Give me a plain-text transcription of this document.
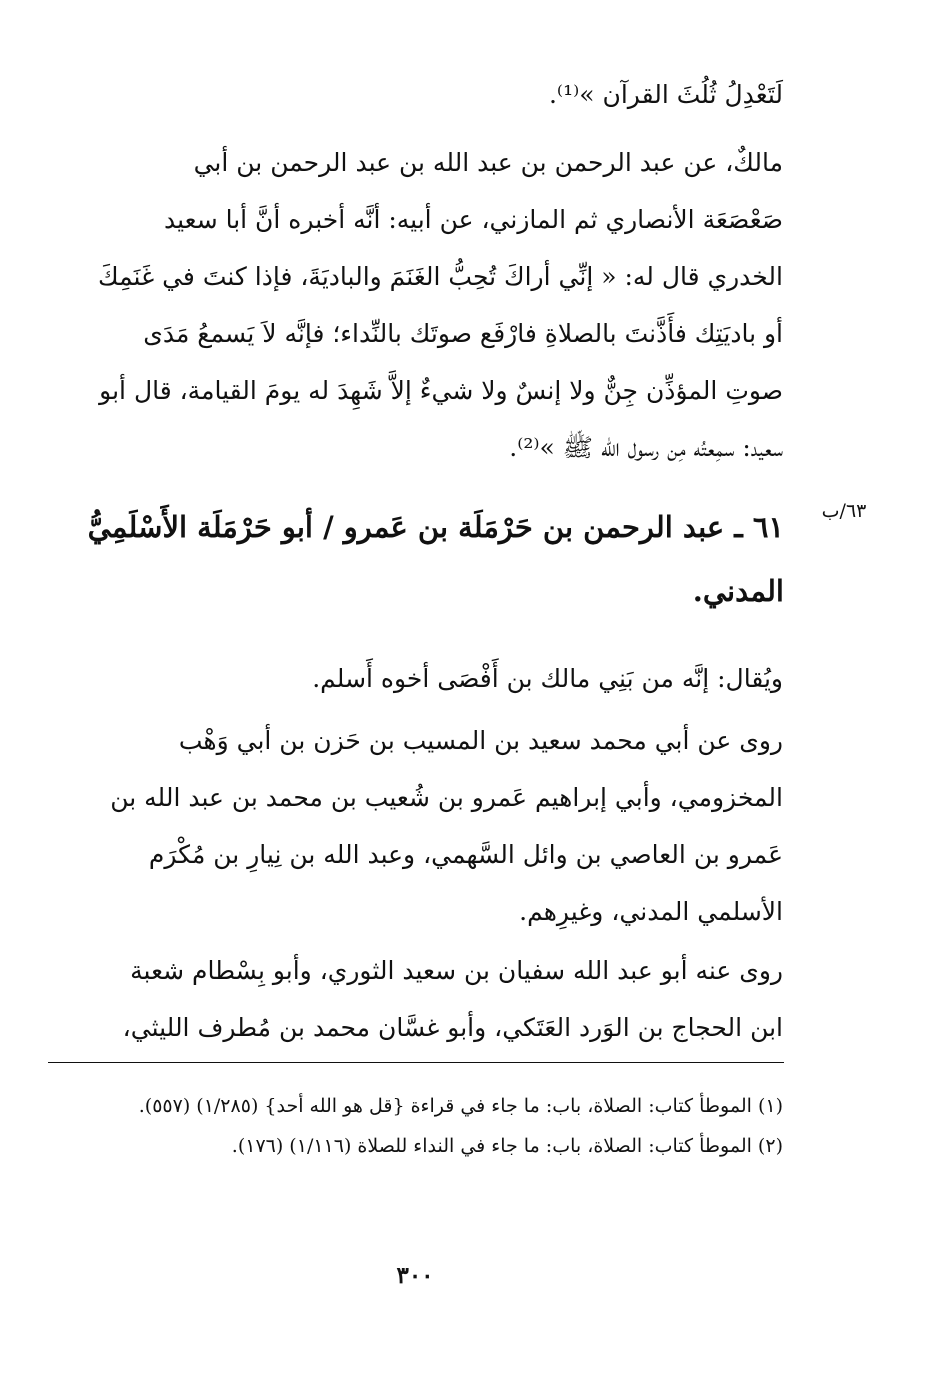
لَتَعْدِلُ ثُلُثَ القرآن »⁽¹⁾.
مالكٌ، عن عبد الرحمن بن عبد الله بن عبد الرحمن بن أبي
صَعْصَعَة الأنصاري ثم المازني، عن أبيه: أنَّه أخبره أنَّ أبا سعيد
الخدري قال له: « إنِّي أراكَ تُحِبُّ الغَنَمَ والباديَةَ، فإذا كنتَ في غَنَمِكَ
أو باديَتِك فأَذَّنتَ بالصلاةِ فارْفَع صوتَك بالنِّداء؛ فإنَّه لاَ يَسمعُ مَدَى
صوتِ المؤذِّن جِنٌّ ولا إنسٌ ولا شيءٌ إلاَّ شَهِدَ له يومَ القيامة، قال أبو
سعيد: سمِعتُه مِن رسول الله ﷺ »⁽²⁾.
٦٣/ب
٦١ ـ عبد الرحمن بن حَرْمَلَة بن عَمرو / أبو حَرْمَلَة الأَسْلَمِيُّ
المدني.
ويُقال: إنَّه من بَنِي مالك بن أَفْصَى أخوه أَسلم.
روى عن أبي محمد سعيد بن المسيب بن حَزن بن أبي وَهْب
المخزومي، وأبي إبراهيم عَمرو بن شُعيب بن محمد بن عبد الله بن
عَمرو بن العاصي بن وائل السَّهمي، وعبد الله بن نِيارِ بن مُكْرَم
الأسلمي المدني، وغيرِهم.
روى عنه أبو عبد الله سفيان بن سعيد الثوري، وأبو بِسْطام شعبة
ابن الحجاج بن الوَرد العَتَكي، وأبو غسَّان محمد بن مُطرف الليثي،
(١) الموطأ كتاب: الصلاة، باب: ما جاء في قراءة {قل هو الله أحد} (١/٢٨٥) (٥٥٧).
(٢) الموطأ كتاب: الصلاة، باب: ما جاء في النداء للصلاة (١/١١٦) (١٧٦).
٣٠٠
